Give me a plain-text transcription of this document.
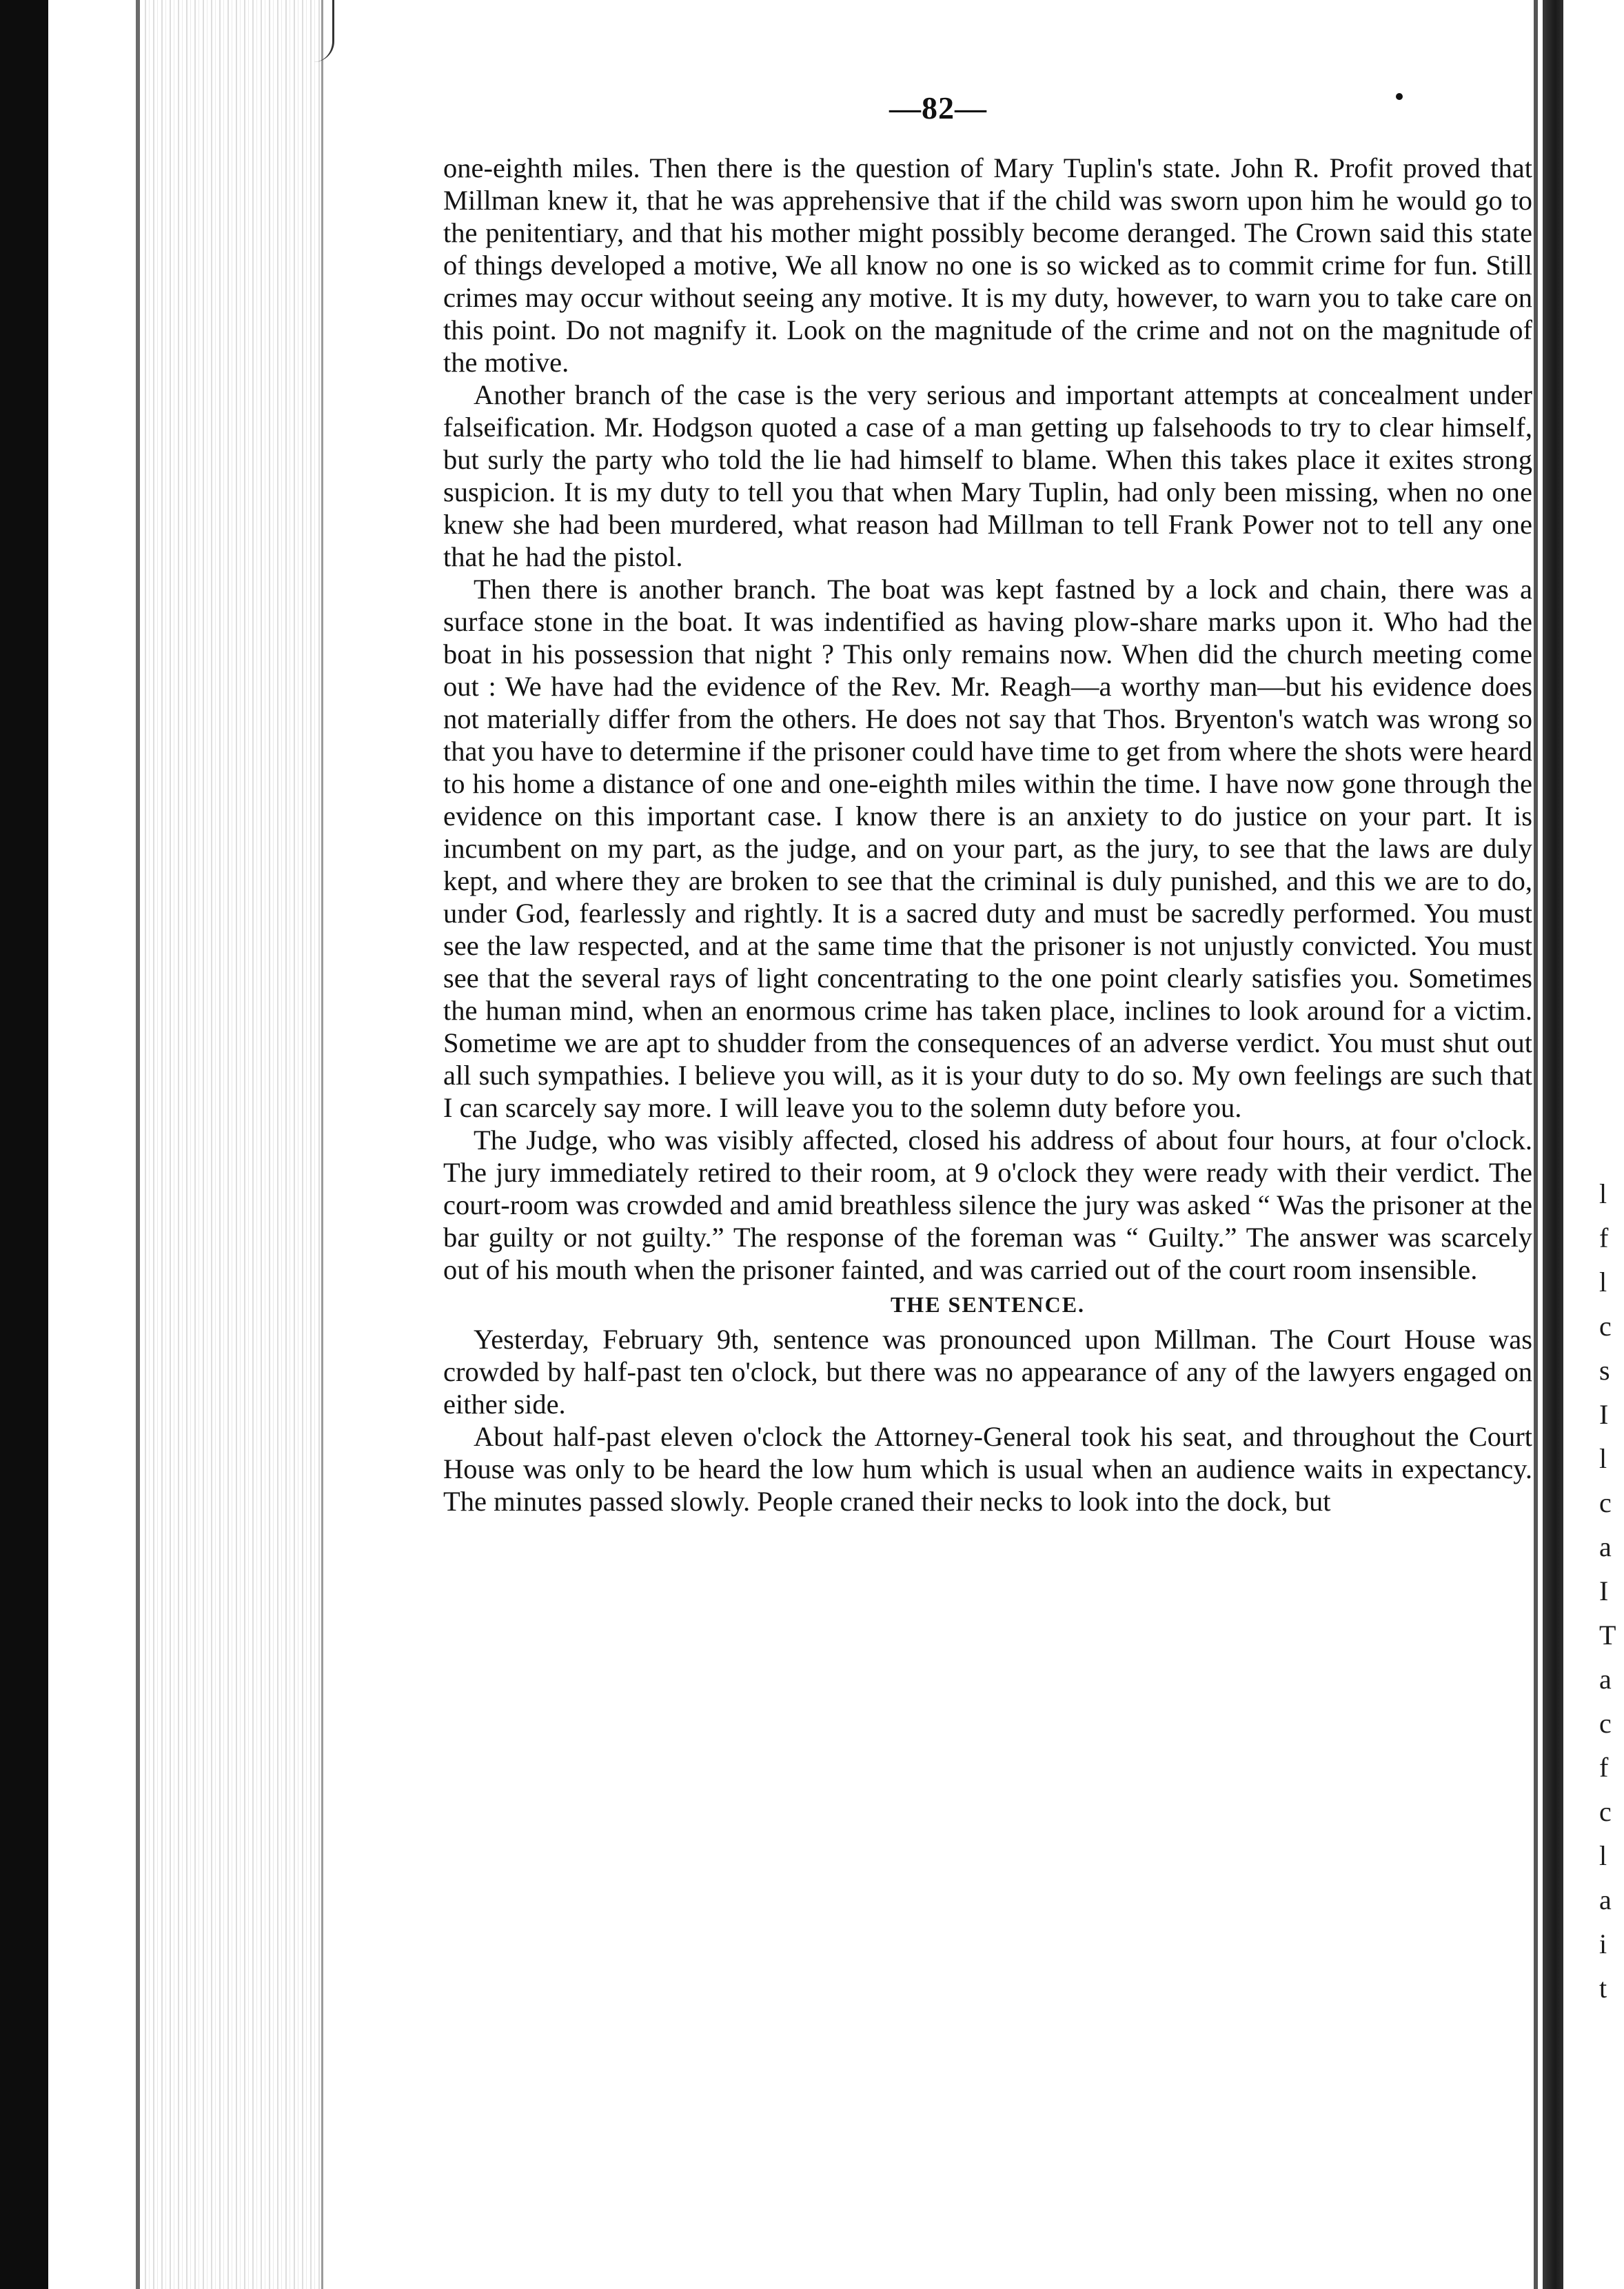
l
f
l
c
s
I
l
c
a
I
T
a
c
f
c
l
a
i
t
—82—

one-eighth miles. Then there is the question of Mary Tuplin's state. John R. Profit proved that Millman knew it, that he was apprehensive that if the child was sworn upon him he would go to the penitentiary, and that his mother might possibly become deranged. The Crown said this state of things developed a motive, We all know no one is so wicked as to commit crime for fun. Still crimes may occur without seeing any motive. It is my duty, however, to warn you to take care on this point. Do not magnify it. Look on the magnitude of the crime and not on the magnitude of the motive.

Another branch of the case is the very serious and important attempts at concealment under falseification. Mr. Hodgson quoted a case of a man getting up falsehoods to try to clear himself, but surly the party who told the lie had himself to blame. When this takes place it exites strong suspicion. It is my duty to tell you that when Mary Tuplin, had only been missing, when no one knew she had been murdered, what reason had Millman to tell Frank Power not to tell any one that he had the pistol.

Then there is another branch. The boat was kept fastned by a lock and chain, there was a surface stone in the boat. It was indentified as having plow-share marks upon it. Who had the boat in his possession that night ? This only remains now. When did the church meeting come out : We have had the evidence of the Rev. Mr. Reagh—a worthy man—but his evidence does not materially differ from the others. He does not say that Thos. Bryenton's watch was wrong so that you have to determine if the prisoner could have time to get from where the shots were heard to his home a distance of one and one-eighth miles within the time. I have now gone through the evidence on this important case. I know there is an anxiety to do justice on your part. It is incumbent on my part, as the judge, and on your part, as the jury, to see that the laws are duly kept, and where they are broken to see that the criminal is duly punished, and this we are to do, under God, fearlessly and rightly. It is a sacred duty and must be sacredly performed. You must see the law respected, and at the same time that the prisoner is not unjustly convicted. You must see that the several rays of light concentrating to the one point clearly satisfies you. Sometimes the human mind, when an enormous crime has taken place, inclines to look around for a victim. Sometime we are apt to shudder from the consequences of an adverse verdict. You must shut out all such sympathies. I believe you will, as it is your duty to do so. My own feelings are such that I can scarcely say more. I will leave you to the solemn duty before you.

The Judge, who was visibly affected, closed his address of about four hours, at four o'clock. The jury immediately retired to their room, at 9 o'clock they were ready with their verdict. The court-room was crowded and amid breathless silence the jury was asked “ Was the prisoner at the bar guilty or not guilty.” The response of the foreman was “ Guilty.” The answer was scarcely out of his mouth when the prisoner fainted, and was carried out of the court room insensible.

THE SENTENCE.

Yesterday, February 9th, sentence was pronounced upon Millman. The Court House was crowded by half-past ten o'clock, but there was no appearance of any of the lawyers engaged on either side.

About half-past eleven o'clock the Attorney-General took his seat, and throughout the Court House was only to be heard the low hum which is usual when an audience waits in expectancy. The minutes passed slowly. People craned their necks to look into the dock, but
